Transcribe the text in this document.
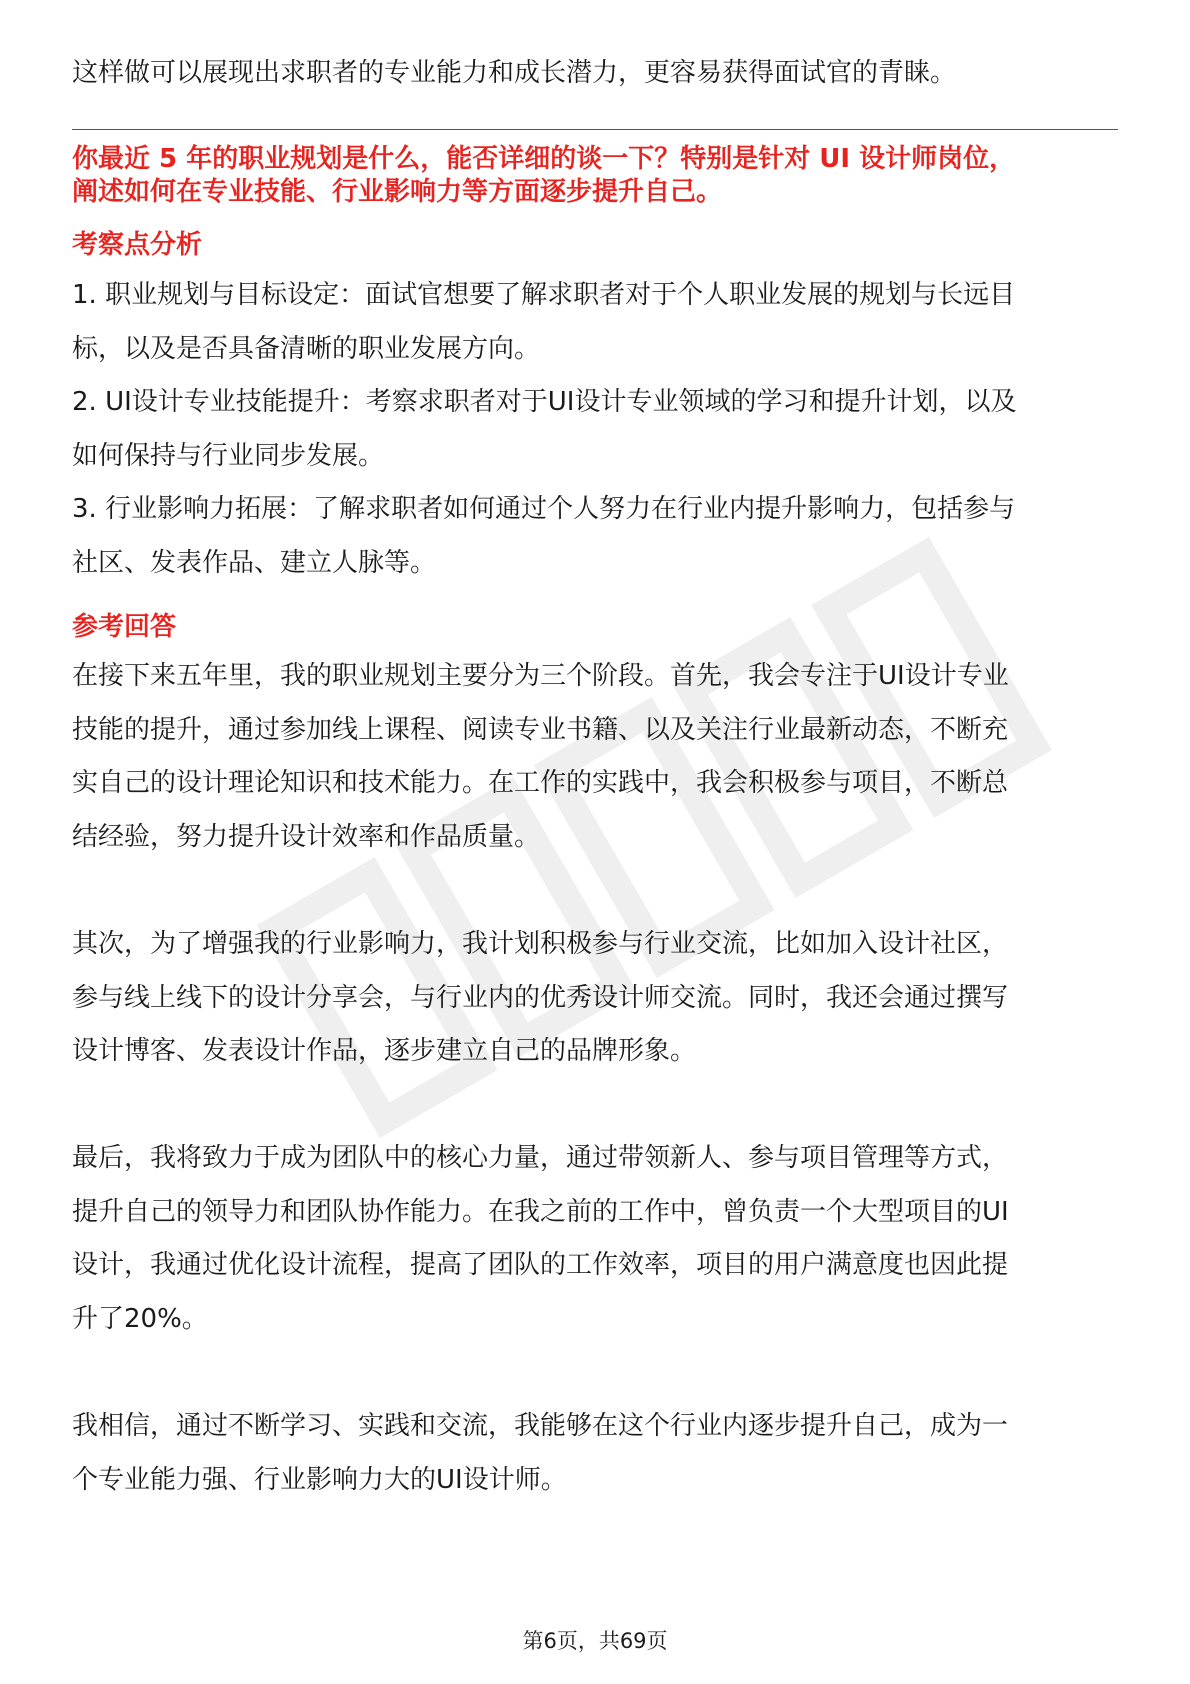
这样做可以展现出求职者的专业能力和成长潜力，更容易获得面试官的青睐。
你最近 5 年的职业规划是什么，能否详细的谈一下？特别是针对 UI 设计师岗位，
阐述如何在专业技能、行业影响力等方面逐步提升自己。
考察点分析
1. 职业规划与目标设定：面试官想要了解求职者对于个人职业发展的规划与长远目
标，以及是否具备清晰的职业发展方向。
2. UI设计专业技能提升：考察求职者对于UI设计专业领域的学习和提升计划，以及
如何保持与行业同步发展。
3. 行业影响力拓展：了解求职者如何通过个人努力在行业内提升影响力，包括参与
社区、发表作品、建立人脉等。
参考回答
在接下来五年里，我的职业规划主要分为三个阶段。首先，我会专注于UI设计专业
技能的提升，通过参加线上课程、阅读专业书籍、以及关注行业最新动态，不断充
实自己的设计理论知识和技术能力。在工作的实践中，我会积极参与项目，不断总
结经验，努力提升设计效率和作品质量。
其次，为了增强我的行业影响力，我计划积极参与行业交流，比如加入设计社区，
参与线上线下的设计分享会，与行业内的优秀设计师交流。同时，我还会通过撰写
设计博客、发表设计作品，逐步建立自己的品牌形象。
最后，我将致力于成为团队中的核心力量，通过带领新人、参与项目管理等方式，
提升自己的领导力和团队协作能力。在我之前的工作中，曾负责一个大型项目的UI
设计，我通过优化设计流程，提高了团队的工作效率，项目的用户满意度也因此提
升了20%。
我相信，通过不断学习、实践和交流，我能够在这个行业内逐步提升自己，成为一
个专业能力强、行业影响力大的UI设计师。
第6页，共69页
